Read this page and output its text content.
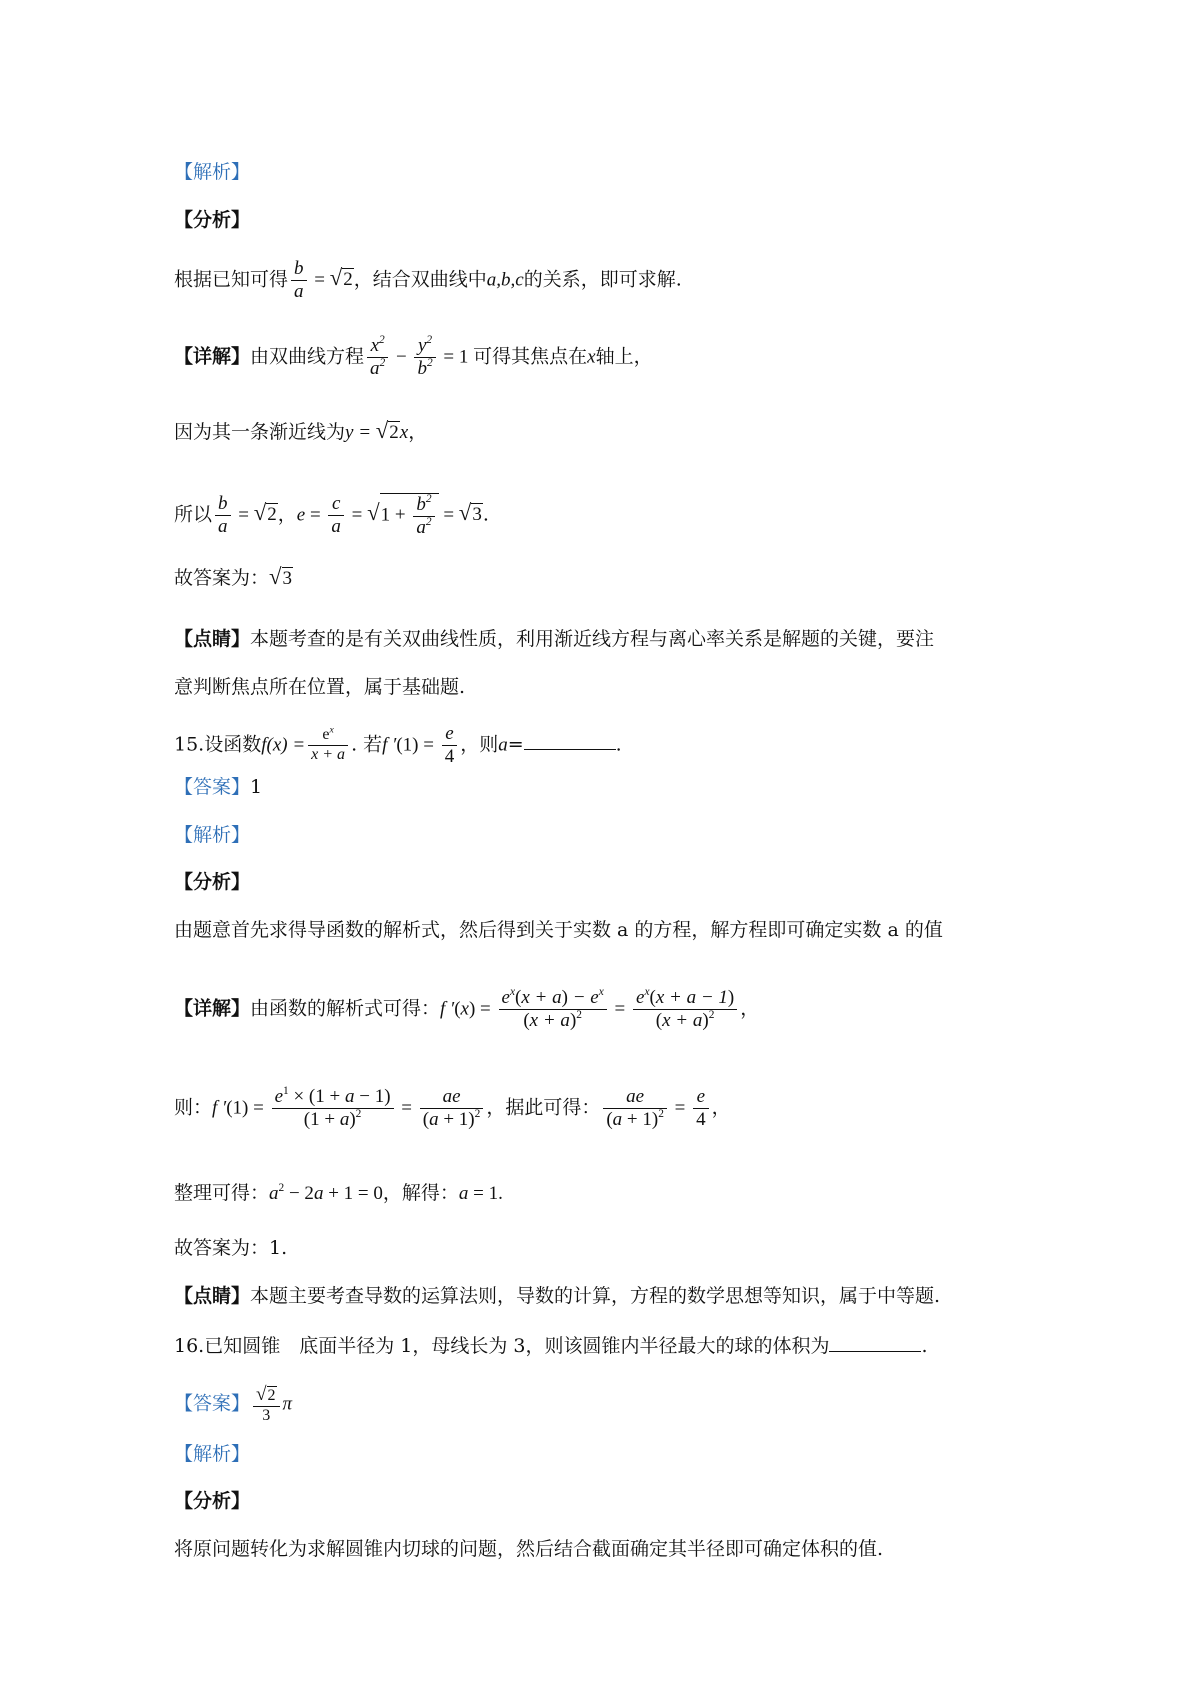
【解析】
【分析】
根据已知可得 $\frac{b}{a} = √2$，结合双曲线中a,b,c的关系，即可求解.
【详解】由双曲线方程 $\frac{x^2}{a^2} - \frac{y^2}{b^2} = 1$ 可得其焦点在x轴上，
因为其一条渐近线为y = √2x，
所以 $\frac{b}{a} = √2$，$e = \frac{c}{a} = √1 + \frac{b^2}{a^2} = √3$.
故答案为：√3
【点睛】本题考查的是有关双曲线性质，利用渐近线方程与离心率关系是解题的关键，要注
意判断焦点所在位置，属于基础题.
15.设函数$f(x) = \frac{e^x}{x + a}$ . 若f $'(1) = \frac{e}{4}$ ，则a=	.
【答案】1
【解析】
【分析】
由题意首先求得导函数的解析式，然后得到关于实数 a 的方程，解方程即可确定实数 a 的值
【详解】由函数的解析式可得：f $'(x) = \frac{e^x(x + a) - e^x}{(x + a)^2} = \frac{e^x(x + a - 1)}{(x + a)^2}$ ，
则：f $'(1) = \frac{e^1 \times (1 + a - 1)}{(1 + a)^2} = \frac{ae}{(a + 1)^2}$ ，据此可得： $\frac{ae}{(a + 1)^2} = \frac{e}{4}$ ，
整理可得：$a^2 - 2a + 1 = 0$，解得：a = 1.
故答案为：1.
【点睛】本题主要考查导数的运算法则，导数的计算，方程的数学思想等知识，属于中等题.
16.已知圆锥　底面半径为 1，母线长为 3，则该圆锥内半径最大的球的体积为	.
【答案】 $\frac{√2}{3}$ π
【解析】
【分析】
将原问题转化为求解圆锥内切球的问题，然后结合截面确定其半径即可确定体积的值.
